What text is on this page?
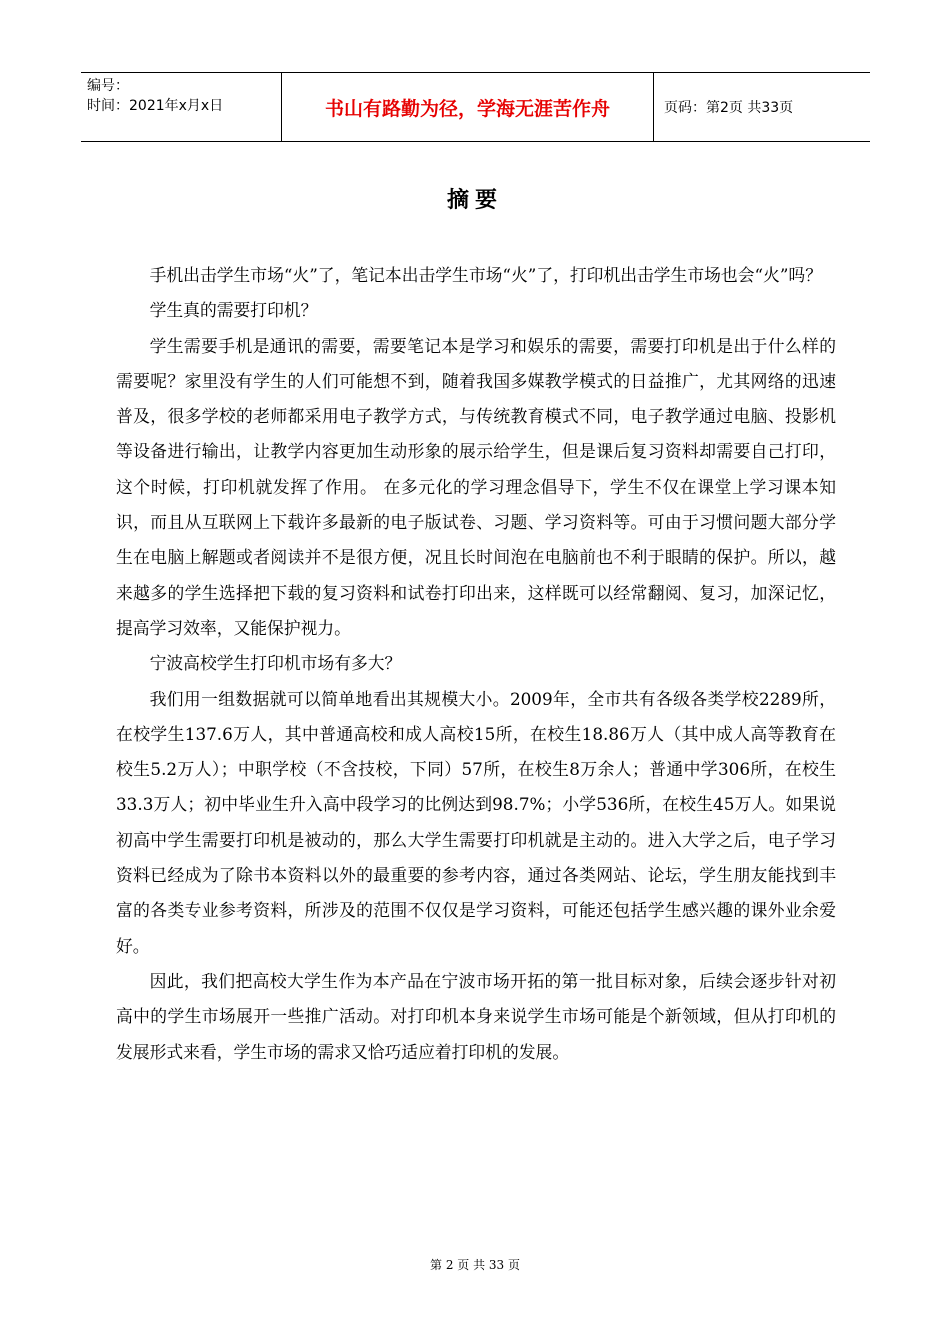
编号：
时间：2021年x月x日	书山有路勤为径，学海无涯苦作舟	页码：第2页 共33页
摘要

手机出击学生市场“火”了，笔记本出击学生市场“火”了，打印机出击学生市场也会“火”吗？

学生真的需要打印机？

学生需要手机是通讯的需要，需要笔记本是学习和娱乐的需要，需要打印机是出于什么样的需要呢？家里没有学生的人们可能想不到，随着我国多媒教学模式的日益推广，尤其网络的迅速普及，很多学校的老师都采用电子教学方式，与传统教育模式不同，电子教学通过电脑、投影机等设备进行输出，让教学内容更加生动形象的展示给学生，但是课后复习资料却需要自己打印，这个时候，打印机就发挥了作用。 在多元化的学习理念倡导下，学生不仅在课堂上学习课本知识，而且从互联网上下载许多最新的电子版试卷、习题、学习资料等。可由于习惯问题大部分学生在电脑上解题或者阅读并不是很方便，况且长时间泡在电脑前也不利于眼睛的保护。所以，越来越多的学生选择把下载的复习资料和试卷打印出来，这样既可以经常翻阅、复习，加深记忆，提高学习效率，又能保护视力。

宁波高校学生打印机市场有多大？

我们用一组数据就可以简单地看出其规模大小。2009年，全市共有各级各类学校2289所，在校学生137.6万人，其中普通高校和成人高校15所，在校生18.86万人（其中成人高等教育在校生5.2万人）；中职学校（不含技校，下同）57所，在校生8万余人；普通中学306所，在校生33.3万人；初中毕业生升入高中段学习的比例达到98.7%；小学536所，在校生45万人。如果说初高中学生需要打印机是被动的，那么大学生需要打印机就是主动的。进入大学之后，电子学习资料已经成为了除书本资料以外的最重要的参考内容，通过各类网站、论坛，学生朋友能找到丰富的各类专业参考资料，所涉及的范围不仅仅是学习资料，可能还包括学生感兴趣的课外业余爱好。

因此，我们把高校大学生作为本产品在宁波市场开拓的第一批目标对象，后续会逐步针对初高中的学生市场展开一些推广活动。对打印机本身来说学生市场可能是个新领域，但从打印机的发展形式来看，学生市场的需求又恰巧适应着打印机的发展。

第 2 页 共 33 页
